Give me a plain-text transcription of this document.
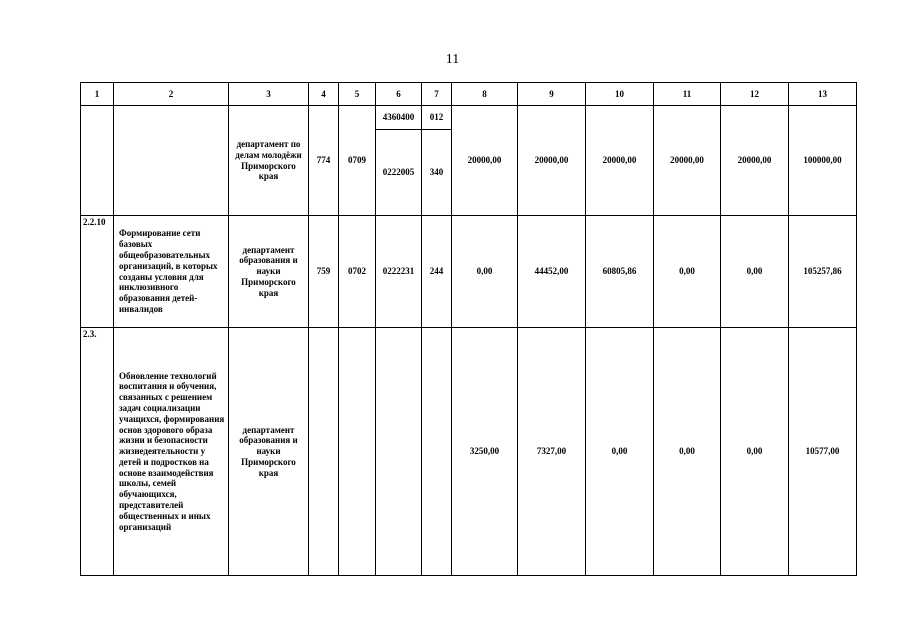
11
1	2	3	4	5	6	7	8	9	10	11	12	13
		департамент по делам молодёжи Приморского края	774	0709	4360400	012	20000,00	20000,00	20000,00	20000,00	20000,00	100000,00
					0222005	340						
2.2.10	Формирование сети базовых общеобразовательных организаций, в которых созданы условия для инклюзивного образования детей-инвалидов	департамент образования и науки Приморского края	759	0702	0222231	244	0,00	44452,00	60805,86	0,00	0,00	105257,86
2.3.	Обновление технологий воспитания и обучения, связанных с решением задач социализации учащихся, формирования основ здорового образа жизни и безопасности жизнедеятельности у детей и подростков на основе взаимодействия школы, семей обучающихся, представителей общественных и иных организаций	департамент образования и науки Приморского края					3250,00	7327,00	0,00	0,00	0,00	10577,00
